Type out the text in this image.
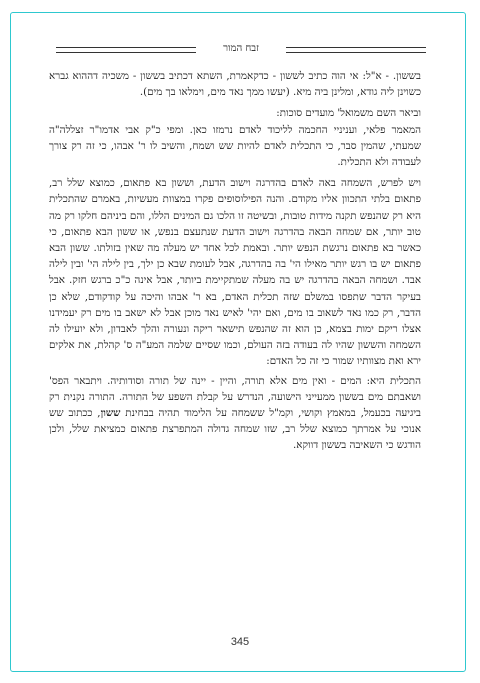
זבח המור

בששון. - א"ל: אי הוה כתיב לששון - כדקאמרת, השתא דכתיב בששון - משכיה דההוא גברא כשוינן ליה גודא, ומלינן ביה מיא. (יעשו ממך נאד מים, וימלאו בך מים).

וביאר השם משמואל' מועדים סוכות:

המאמר פלאי, ועניניי החכמה לליכוד לאדם נרמזו כאן. ומפי כ"ק אבי אדמו"ר זצללה"ה שמעתי, שהמין סבר, כי התכלית לאדם להיות שש ושמח, והשיב לו ר' אבהו, כי זה רק צורך לעבודה ולא התכלית.

ויש לפרש, השמחה באה לאדם בהדרגה וישוב הדעת, וששון בא פתאום, כמוצא שלל רב, פתאום בלתי התכוון אליו מקודם. והנה הפילוסופים פקרו במצוות מעשיות, באמרם שהתכלית היא רק שהנפש תקנה מידות טובות, ובשיטה זו הלכו גם המינים הללו, והם ביניהם חלקו רק מה טוב יותר, אם שמחה הבאה בהדרגה וישוב הדעת שנתעצם בנפש, או ששון הבא פתאום, כי כאשר בא פתאום נרגשת הנפש יותר. ובאמת לכל אחד יש מעלה מה שאין בזולתו. ששון הבא פתאום יש בו רגש יותר מאילו הי' בה בהדרגה, אבל לעומת שבא כן ילך, בין לילה הי' ובין לילה אבד. ושמחה הבאה בהדרגה יש בה מעלה שמתקיימת ביותר, אבל אינה כ"כ ברגש חזק. אבל בעיקר הדבר שתפסו במשלם שזה תכלית האדם, בא ר' אבהו והיכה על קודקודם, שלא כן הדבר, רק כמו נאד לשאוב בו מים, ואם יהי' לאיש נאד מוכן אבל לא ישאב בו מים רק יעמידנו אצלו ריקם ימות בצמא, כן הוא זה שהנפש תישאר ריקה ונעורה והלך לאבדון, ולא יועילו לה השמחה והששון שהיו לה בעודה בזה העולם, וכמו שסיים שלמה המע"ה ס' קהלת, את אלקים ירא ואת מצוותיו שמור כי זה כל האדם:

התכלית היא: המים - ואין מים אלא תורה, והיין - יינה של תורה וסודותיה. ויתבאר הפס' ושאבתם מים בששון ממעייני הישועה, הנדרש על קבלת השפע של התורה. התורה נקנית רק ביגיעה בכעמל, במאמץ וקושי, וקמ"ל ששמחה על הלימוד תהיה בבחינת ששון, ככתוב שש אנוכי על אמרתך כמוצא שלל רב, שזו שמחה גדולה המתפרצת פתאום כמציאת שלל, ולכן הודגש כי השאיבה בששון דווקא.

345
